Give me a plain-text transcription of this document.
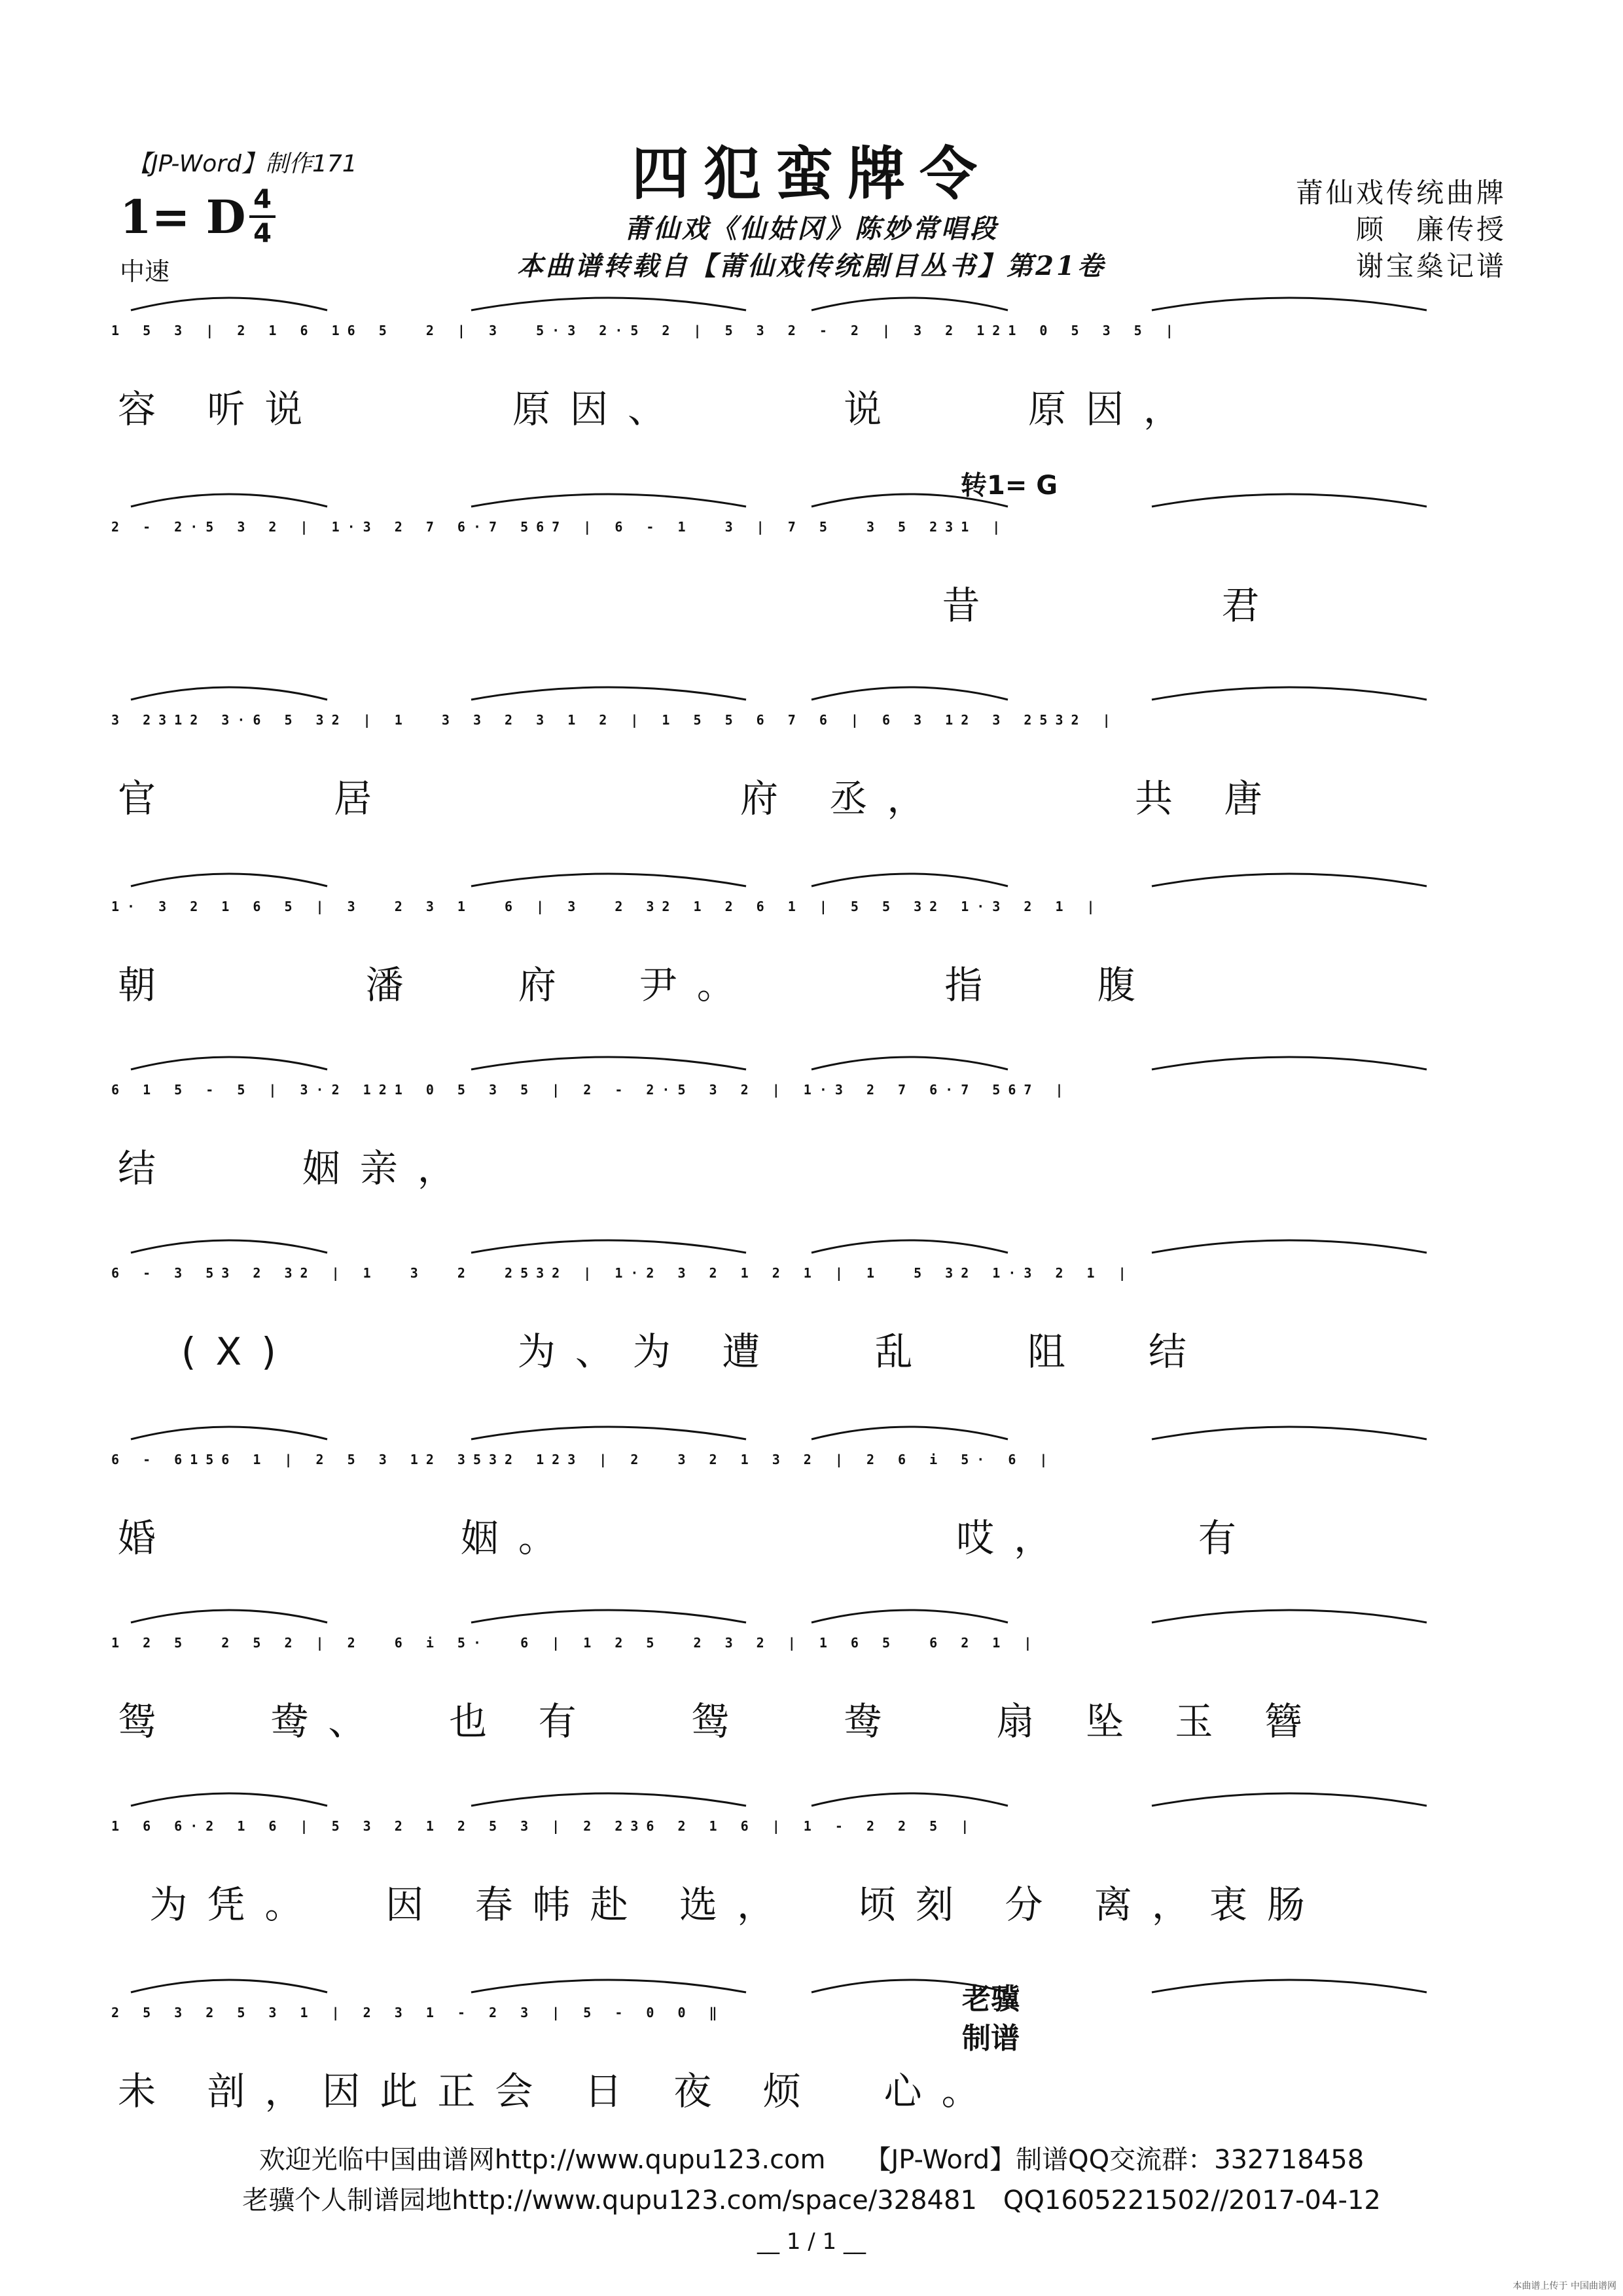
【JP-Word】制作171	四犯蛮牌令
1= D 4
4
中速
莆仙戏《仙姑冈》陈妙常唱段
本曲谱转载自【莆仙戏传统剧目丛书】第21卷
莆仙戏传统曲牌
顾　廉传授
谢宝燊记谱
1 5 3 | 2 1 6 16 5  2 | 3  5·3 2·5 2 | 5 3 2 - 2 | 3 2 121 0 5 3 5 |
容 听说      原因、     说    原因，
2 - 2·5 3 2 | 1·3 2 7 6·7 567 | 6 - 1  3 | 7 5  3 5 231 |
昔       君
3 2312 3·6 5 32 | 1  3 3 2 3 1 2 | 1 5 5 6 7 6 | 6 3 12 3 2532 |
官     居           府 丞，      共 唐
1· 3 2 1 6 5 | 3  2 3 1  6 | 3  2 32 1 2 6 1 | 5 5 32 1·3 2 1 |
朝      潘   府  尹。      指   腹
6 1 5 - 5 | 3·2 121 0 5 3 5 | 2 - 2·5 3 2 | 1·3 2 7 6·7 567 |
结    姻亲，
6 - 3 53 2 32 | 1  3  2  2532 | 1·2 3 2 1 2 1 | 1  5 32 1·3 2 1 |
(X)       为、为 遭   乱   阻  结
6 - 6156 1 | 2 5 3 12 3532 123 | 2  3 2 1 3 2 | 2 6 i 5· 6 |
婚         姻。            哎，    有
1 2 5  2 5 2 | 2  6 i 5·  6 | 1 2 5  2 3 2 | 1 6 5  6 2 1 |
鸳   鸯、  也 有   鸳   鸯   扇 坠 玉 簪
1 6 6·2 1 6 | 5 3 2 1 2 5 3 | 2 236 2 1 6 | 1 - 2 2 5 |
为凭。  因 春帏赴 选，  顷刻 分 离，衷肠
2 5 3 2 5 3 1 | 2 3 1 - 2 3 | 5 - 0 0 ‖
未 剖，因此正会 日 夜 烦  心。
转1= G
老骥
制谱
欢迎光临中国曲谱网http://www.qupu123.com　　【JP-Word】制谱QQ交流群：332718458
老骥个人制谱园地http://www.qupu123.com/space/328481　QQ1605221502//2017-04-12
__ 1 / 1 __
本曲谱上传于 中国曲谱网
